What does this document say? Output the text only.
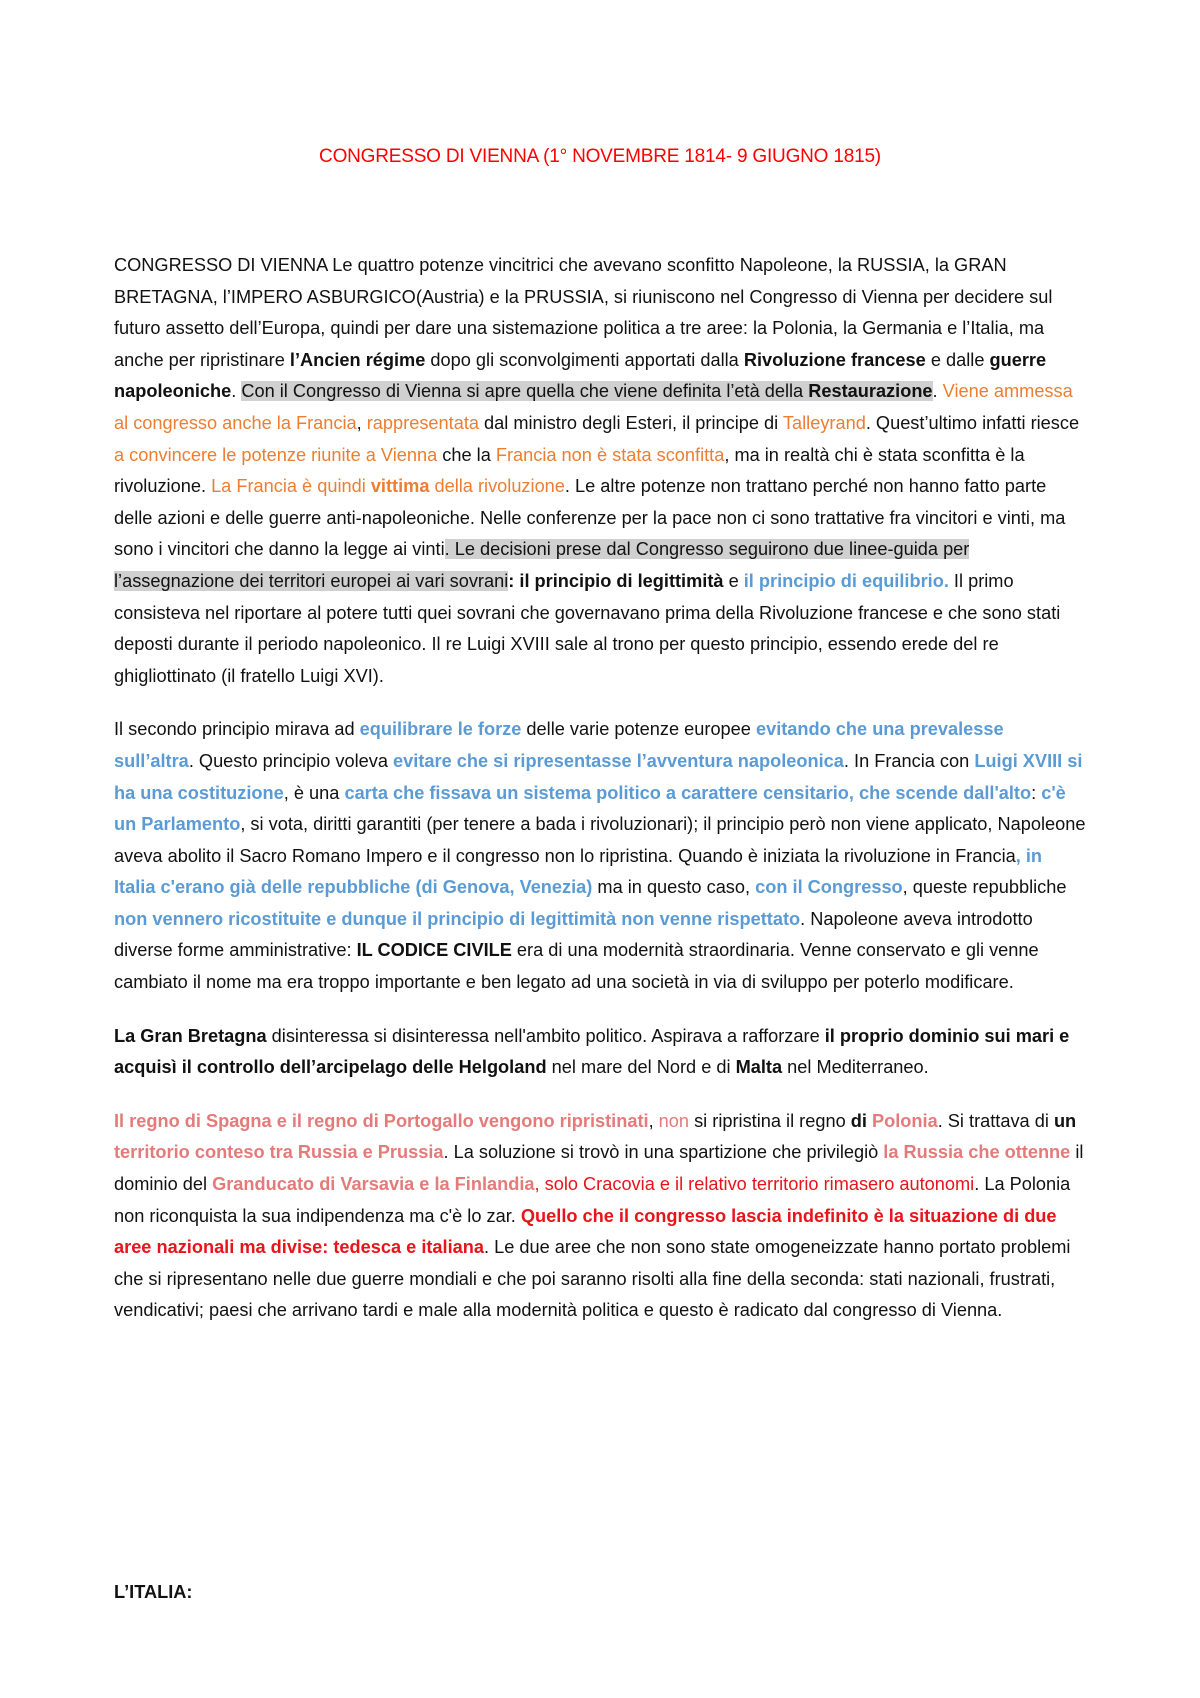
CONGRESSO DI VIENNA (1° NOVEMBRE 1814- 9 GIUGNO 1815)

CONGRESSO DI VIENNA Le quattro potenze vincitrici che avevano sconfitto Napoleone, la RUSSIA, la GRAN BRETAGNA, l’IMPERO ASBURGICO(Austria) e la PRUSSIA, si riuniscono nel Congresso di Vienna per decidere sul futuro assetto dell’Europa, quindi per dare una sistemazione politica a tre aree: la Polonia, la Germania e l’Italia, ma anche per ripristinare l’Ancien régime dopo gli sconvolgimenti apportati dalla Rivoluzione francese e dalle guerre napoleoniche. Con il Congresso di Vienna si apre quella che viene definita l’età della Restaurazione. Viene ammessa al congresso anche la Francia, rappresentata dal ministro degli Esteri, il principe di Talleyrand. Quest’ultimo infatti riesce a convincere le potenze riunite a Vienna che la Francia non è stata sconfitta, ma in realtà chi è stata sconfitta è la rivoluzione. La Francia è quindi vittima della rivoluzione. Le altre potenze non trattano perché non hanno fatto parte delle azioni e delle guerre anti-napoleoniche. Nelle conferenze per la pace non ci sono trattative fra vincitori e vinti, ma sono i vincitori che danno la legge ai vinti. Le decisioni prese dal Congresso seguirono due linee-guida per l’assegnazione dei territori europei ai vari sovrani: il principio di legittimità e il principio di equilibrio. Il primo consisteva nel riportare al potere tutti quei sovrani che governavano prima della Rivoluzione francese e che sono stati deposti durante il periodo napoleonico. Il re Luigi XVIII sale al trono per questo principio, essendo erede del re ghigliottinato (il fratello Luigi XVI).

Il secondo principio mirava ad equilibrare le forze delle varie potenze europee evitando che una prevalesse sull’altra. Questo principio voleva evitare che si ripresentasse l’avventura napoleonica. In Francia con Luigi XVIII si ha una costituzione, è una carta che fissava un sistema politico a carattere censitario, che scende dall'alto: c'è un Parlamento, si vota, diritti garantiti (per tenere a bada i rivoluzionari); il principio però non viene applicato, Napoleone aveva abolito il Sacro Romano Impero e il congresso non lo ripristina. Quando è iniziata la rivoluzione in Francia, in Italia c'erano già delle repubbliche (di Genova, Venezia) ma in questo caso, con il Congresso, queste repubbliche non vennero ricostituite e dunque il principio di legittimità non venne rispettato. Napoleone aveva introdotto diverse forme amministrative: IL CODICE CIVILE era di una modernità straordinaria. Venne conservato e gli venne cambiato il nome ma era troppo importante e ben legato ad una società in via di sviluppo per poterlo modificare.

La Gran Bretagna disinteressa si disinteressa nell'ambito politico. Aspirava a rafforzare il proprio dominio sui mari e acquisì il controllo dell’arcipelago delle Helgoland nel mare del Nord e di Malta nel Mediterraneo.

Il regno di Spagna e il regno di Portogallo vengono ripristinati, non si ripristina il regno di Polonia. Si trattava di un territorio conteso tra Russia e Prussia. La soluzione si trovò in una spartizione che privilegiò la Russia che ottenne il dominio del Granducato di Varsavia e la Finlandia, solo Cracovia e il relativo territorio rimasero autonomi. La Polonia non riconquista la sua indipendenza ma c'è lo zar. Quello che il congresso lascia indefinito è la situazione di due aree nazionali ma divise: tedesca e italiana. Le due aree che non sono state omogeneizzate hanno portato problemi che si ripresentano nelle due guerre mondiali e che poi saranno risolti alla fine della seconda: stati nazionali, frustrati, vendicativi; paesi che arrivano tardi e male alla modernità politica e questo è radicato dal congresso di Vienna.

L’ITALIA:
